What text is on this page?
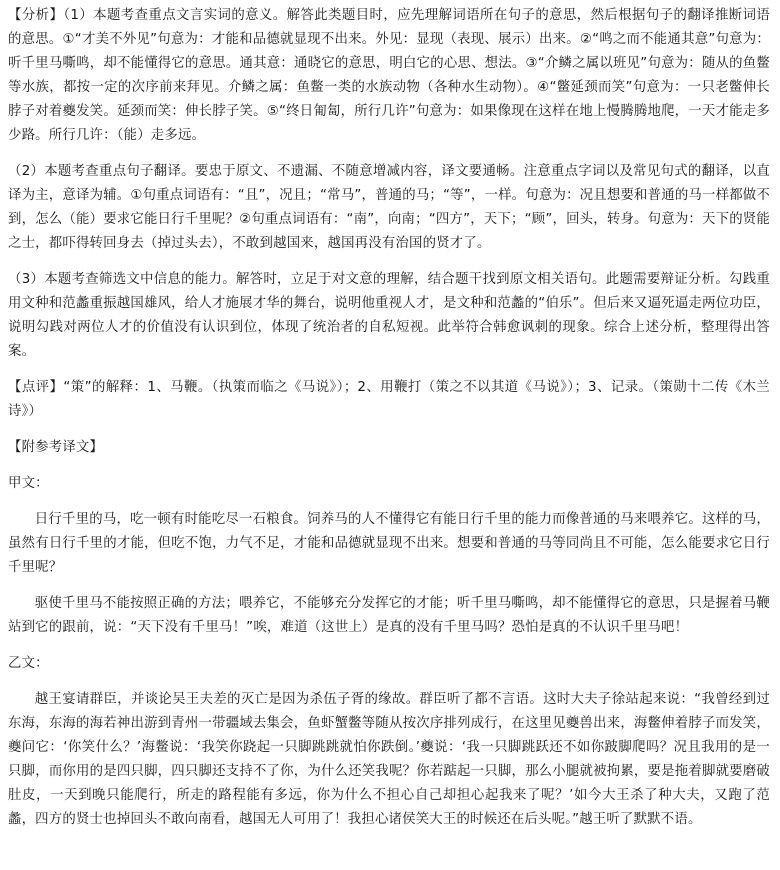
【分析】（1）本题考查重点文言实词的意义。解答此类题目时，应先理解词语所在句子的意思，然后根据句子的翻译推断词语的意思。①“才美不外见”句意为：才能和品德就显现不出来。外见：显现（表现、展示）出来。②“鸣之而不能通其意”句意为：听千里马嘶鸣，却不能懂得它的意思。通其意：通晓它的意思，明白它的心思、想法。③“介鳞之属以班见”句意为：随从的鱼鳖等水族，都按一定的次序前来拜见。介鳞之属：鱼鳖一类的水族动物（各种水生动物）。④“鳖延颈而笑”句意为：一只老鳖伸长脖子对着夔发笑。延颈而笑：伸长脖子笑。⑤“终日匍匐，所行几许”句意为：如果像现在这样在地上慢腾腾地爬，一天才能走多少路。所行几许：（能）走多远。

（2）本题考查重点句子翻译。要忠于原文、不遗漏、不随意增减内容，译文要通畅。注意重点字词以及常见句式的翻译，以直译为主，意译为辅。①句重点词语有：“且”，况且；“常马”，普通的马；“等”，一样。句意为：况且想要和普通的马一样都做不到，怎么（能）要求它能日行千里呢？②句重点词语有：“南”，向南；“四方”，天下；“顾”，回头，转身。句意为：天下的贤能之士，都吓得转回身去（掉过头去），不敢到越国来，越国再没有治国的贤才了。

（3）本题考查筛选文中信息的能力。解答时，立足于对文意的理解，结合题干找到原文相关语句。此题需要辩证分析。勾践重用文种和范蠡重振越国雄风，给人才施展才华的舞台，说明他重视人才，是文种和范蠡的“伯乐”。但后来又逼死逼走两位功臣，说明勾践对两位人才的价值没有认识到位，体现了统治者的自私短视。此举符合韩愈讽刺的现象。综合上述分析，整理得出答案。

【点评】“策”的解释：1、马鞭。（执策而临之《马说》）；2、用鞭打（策之不以其道《马说》）；3、记录。（策勋十二传《木兰诗》）

【附参考译文】

甲文：

日行千里的马，吃一顿有时能吃尽一石粮食。饲养马的人不懂得它有能日行千里的能力而像普通的马来喂养它。这样的马，虽然有日行千里的才能，但吃不饱，力气不足，才能和品德就显现不出来。想要和普通的马等同尚且不可能，怎么能要求它日行千里呢？

驱使千里马不能按照正确的方法；喂养它，不能够充分发挥它的才能；听千里马嘶鸣，却不能懂得它的意思，只是握着马鞭站到它的跟前，说：“天下没有千里马！”唉，难道（这世上）是真的没有千里马吗？恐怕是真的不认识千里马吧！

乙文：

越王宴请群臣，并谈论吴王夫差的灭亡是因为杀伍子胥的缘故。群臣听了都不言语。这时大夫子徐站起来说：“我曾经到过东海，东海的海若神出游到青州一带疆域去集会，鱼虾蟹鳖等随从按次序排列成行，在这里见夔兽出来，海鳖伸着脖子而发笑，夔问它：‘你笑什么？’海鳖说：‘我笑你跷起一只脚跳跳就怕你跌倒。’夔说：‘我一只脚跳跃还不如你跛脚爬吗？况且我用的是一只脚，而你用的是四只脚，四只脚还支持不了你，为什么还笑我呢？你若踮起一只脚，那么小腿就被拘累，要是拖着脚就要磨破肚皮，一天到晚只能爬行，所走的路程能有多远，你为什么不担心自己却担心起我来了呢？’如今大王杀了种大夫，又跑了范蠡，四方的贤士也掉回头不敢向南看，越国无人可用了！我担心诸侯笑大王的时候还在后头呢。”越王听了默默不语。
